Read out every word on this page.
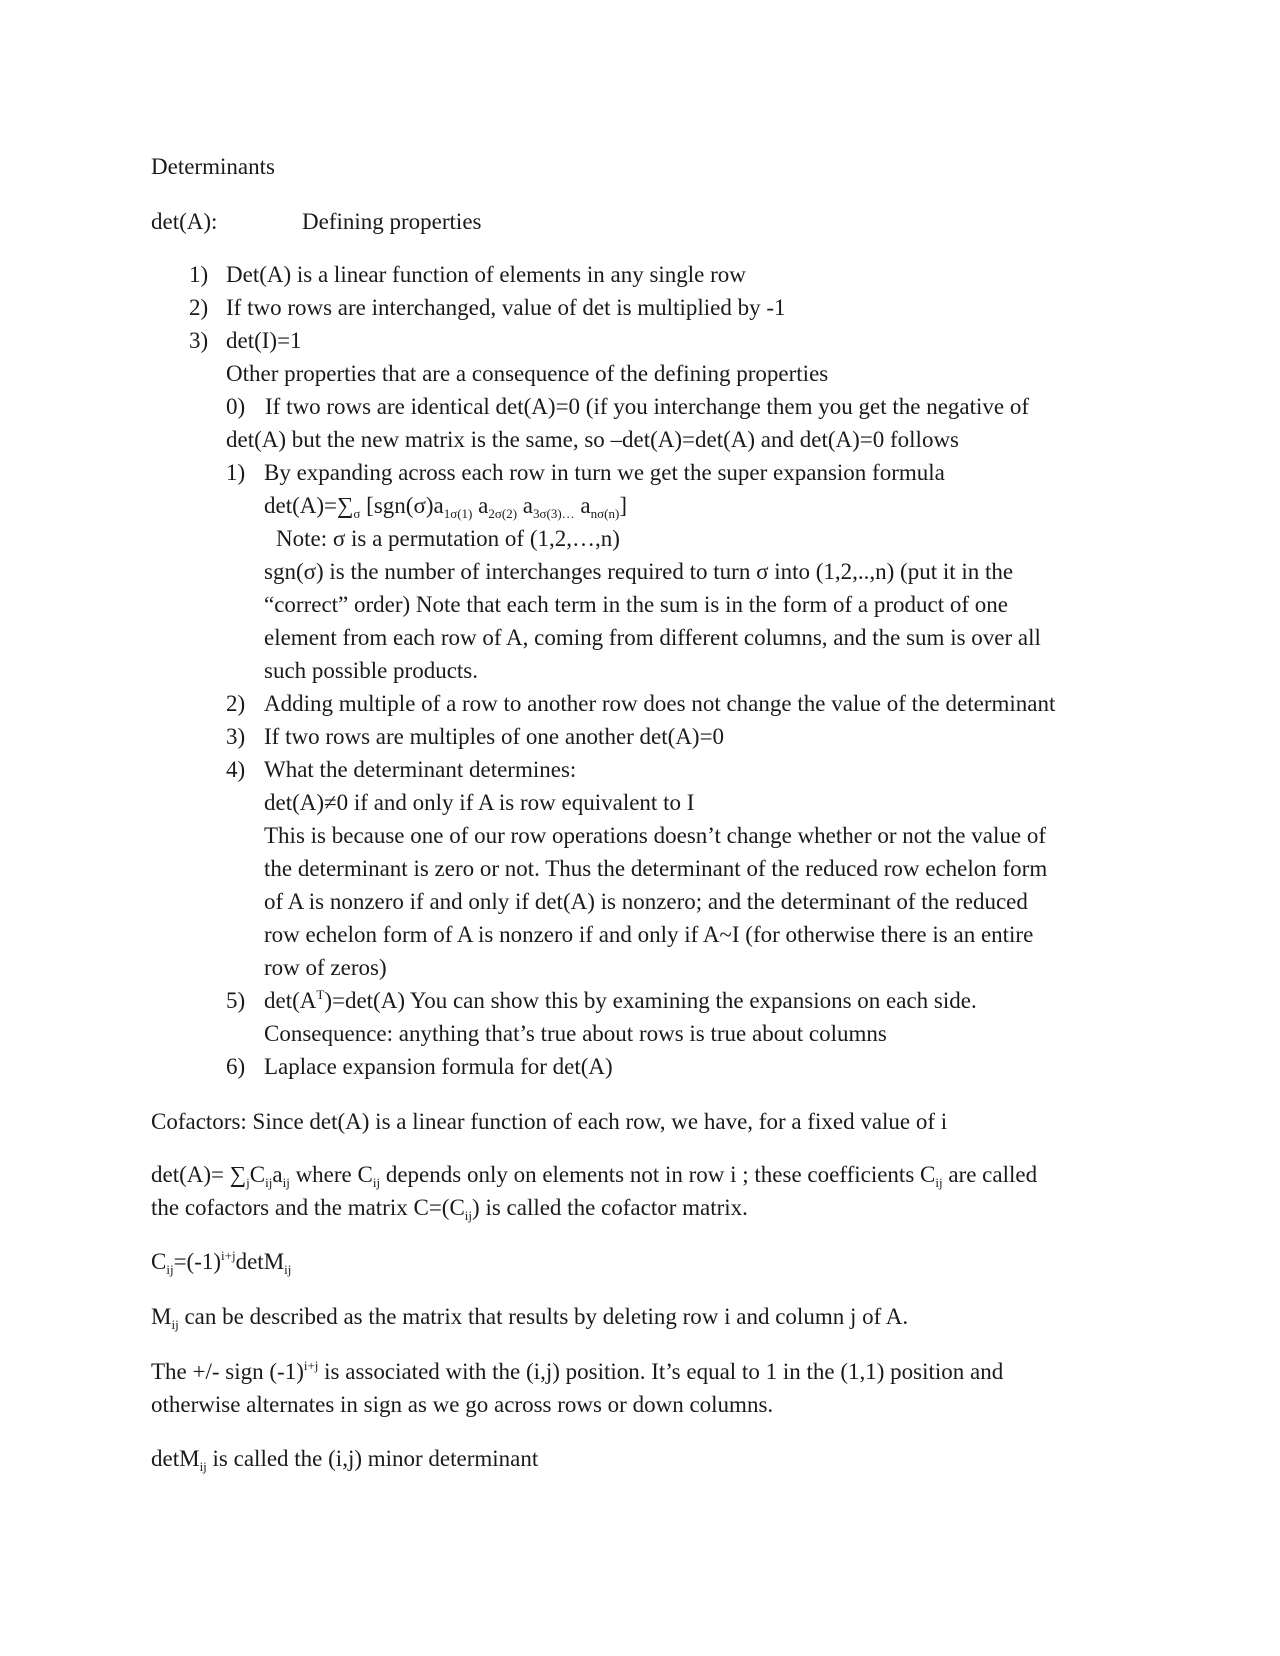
Determinants
det(A):	Defining properties
1) Det(A) is a linear function of elements in any single row
2) If two rows are interchanged, value of det is multiplied by -1
3) det(I)=1
Other properties that are a consequence of the defining properties
0) If two rows are identical det(A)=0 (if you interchange them you get the negative of
det(A) but the new matrix is the same, so –det(A)=det(A) and det(A)=0 follows
1) By expanding across each row in turn we get the super expansion formula
$\det(A)=\sum_\sigma$ [$sgn(\sigma)a_{1\sigma(1)}$ $a_{2\sigma(2)}$ $a_{3\sigma(3)\dots}$ $a_{n\sigma(n)}$]
Note: σ is a permutation of (1,2,…,n)
sgn(σ) is the number of interchanges required to turn σ into (1,2,..,n) (put it in the
“correct” order) Note that each term in the sum is in the form of a product of one
element from each row of A, coming from different columns, and the sum is over all
such possible products.
2) Adding multiple of a row to another row does not change the value of the determinant
3) If two rows are multiples of one another det(A)=0
4) What the determinant determines:
det(A)≠0 if and only if A is row equivalent to I
This is because one of our row operations doesn’t change whether or not the value of
the determinant is zero or not. Thus the determinant of the reduced row echelon form
of A is nonzero if and only if det(A) is nonzero; and the determinant of the reduced
row echelon form of A is nonzero if and only if A~I (for otherwise there is an entire
row of zeros)
5) $\det(A^T)=\det(A)$ You can show this by examining the expansions on each side.
Consequence: anything that’s true about rows is true about columns
6) Laplace expansion formula for det(A)
Cofactors: Since det(A) is a linear function of each row, we have, for a fixed value of i
$\det(A)= \sum_jC_{ij}a_{ij}$ where $C_{ij}$ depends only on elements not in row i ; these coefficients $C_{ij}$ are called
the cofactors and the matrix $C=(C_{ij})$ is called the cofactor matrix.
$C_{ij}=(-1)^{i+j}\det M_{ij}$
$M_{ij}$ can be described as the matrix that results by deleting row i and column j of A.
The +/- sign $(-1)^{i+j}$ is associated with the (i,j) position. It’s equal to 1 in the (1,1) position and
otherwise alternates in sign as we go across rows or down columns.
detM$_{ij}$ is called the (i,j) minor determinant
